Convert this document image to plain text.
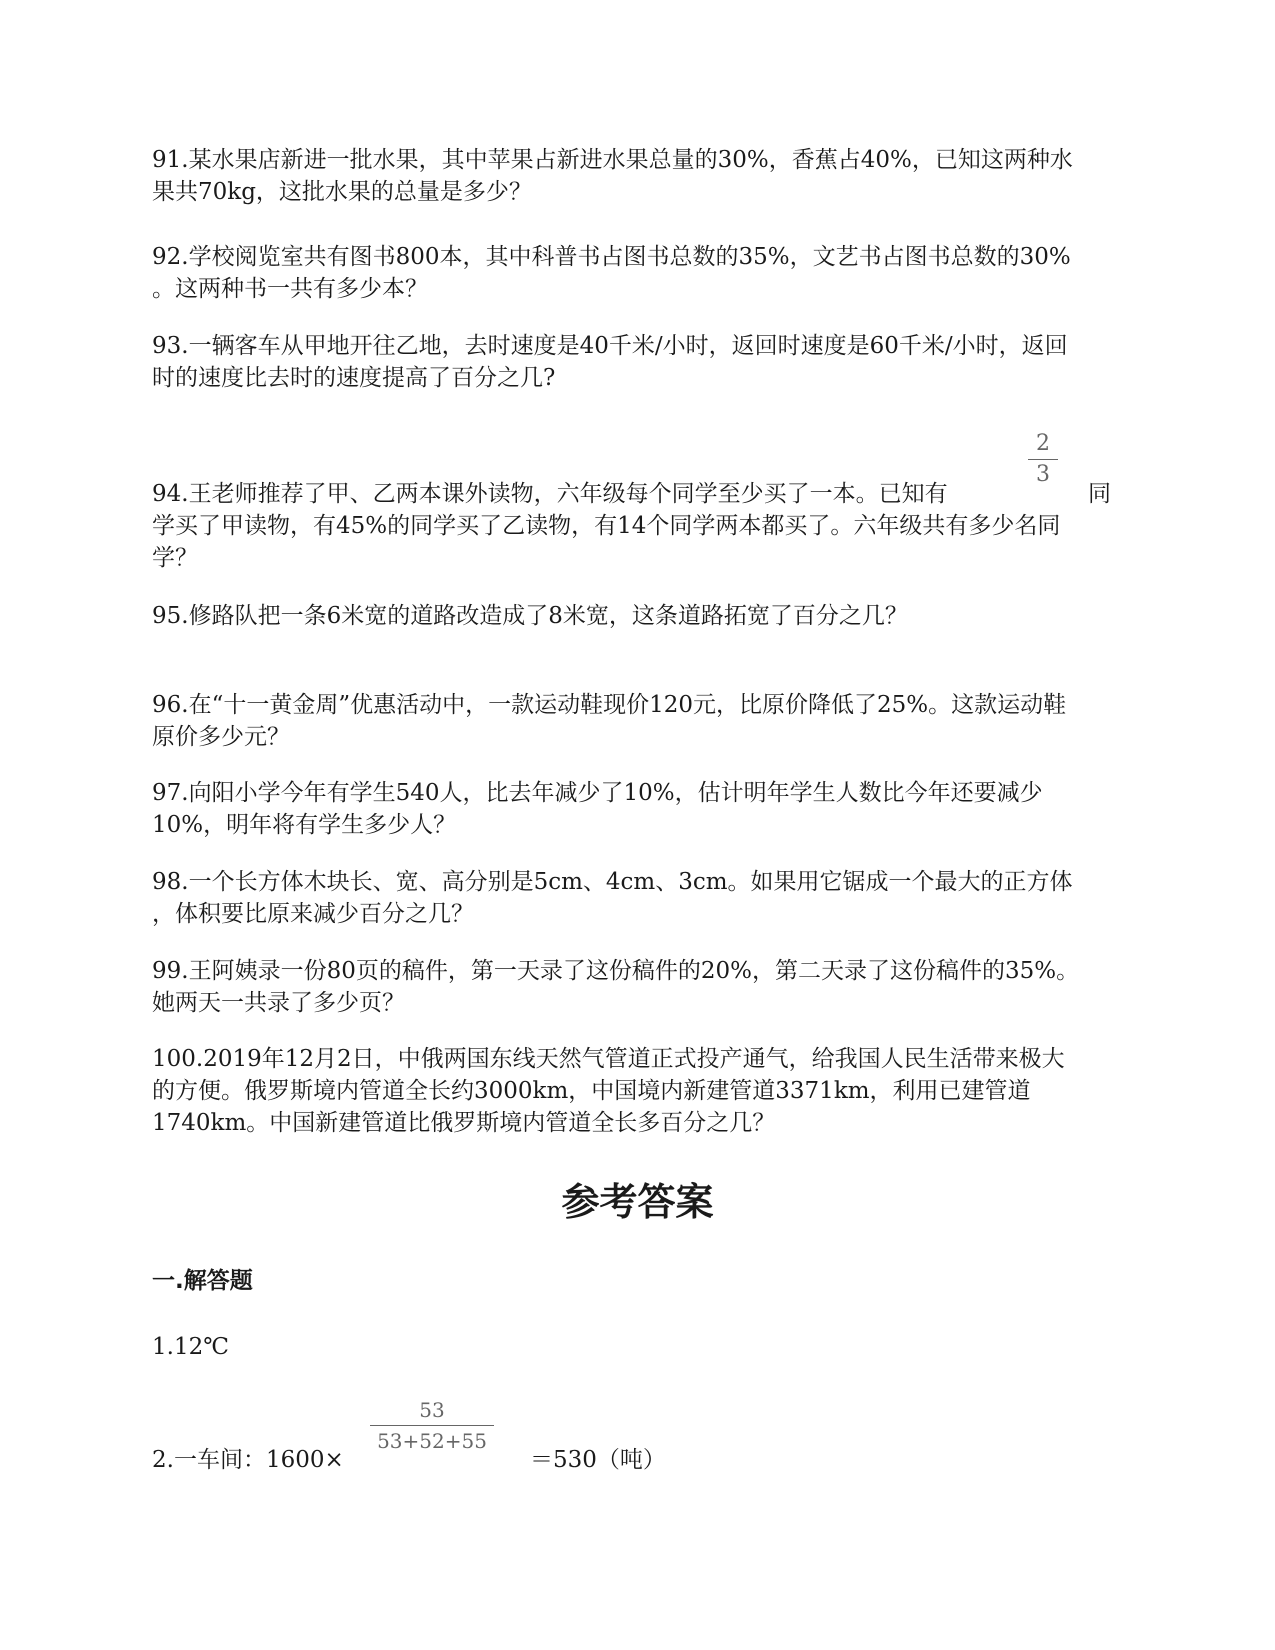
91.某水果店新进一批水果，其中苹果占新进水果总量的30%，香蕉占40%，已知这两种水
果共70kg，这批水果的总量是多少？
92.学校阅览室共有图书800本，其中科普书占图书总数的35%，文艺书占图书总数的30%
。这两种书一共有多少本？
93.一辆客车从甲地开往乙地，去时速度是40千米/小时，返回时速度是60千米/小时，返回
时的速度比去时的速度提高了百分之几?
94.王老师推荐了甲、乙两本课外读物，六年级每个同学至少买了一本。已知有
2
3
同
学买了甲读物，有45%的同学买了乙读物，有14个同学两本都买了。六年级共有多少名同
学？
95.修路队把一条6米宽的道路改造成了8米宽，这条道路拓宽了百分之几？
96.在“十一黄金周”优惠活动中，一款运动鞋现价120元，比原价降低了25%。这款运动鞋
原价多少元？
97.向阳小学今年有学生540人，比去年减少了10%，估计明年学生人数比今年还要减少
10%，明年将有学生多少人？
98.一个长方体木块长、宽、高分别是5cm、4cm、3cm。如果用它锯成一个最大的正方体
，体积要比原来减少百分之几？
99.王阿姨录一份80页的稿件，第一天录了这份稿件的20%，第二天录了这份稿件的35%。
她两天一共录了多少页？
100.2019年12月2日，中俄两国东线天然气管道正式投产通气，给我国人民生活带来极大
的方便。俄罗斯境内管道全长约3000km，中国境内新建管道3371km，利用已建管道
1740km。中国新建管道比俄罗斯境内管道全长多百分之几？
参考答案
一.解答题
1.12℃
2.一车间：1600×
53
53+52+55
＝530（吨）
